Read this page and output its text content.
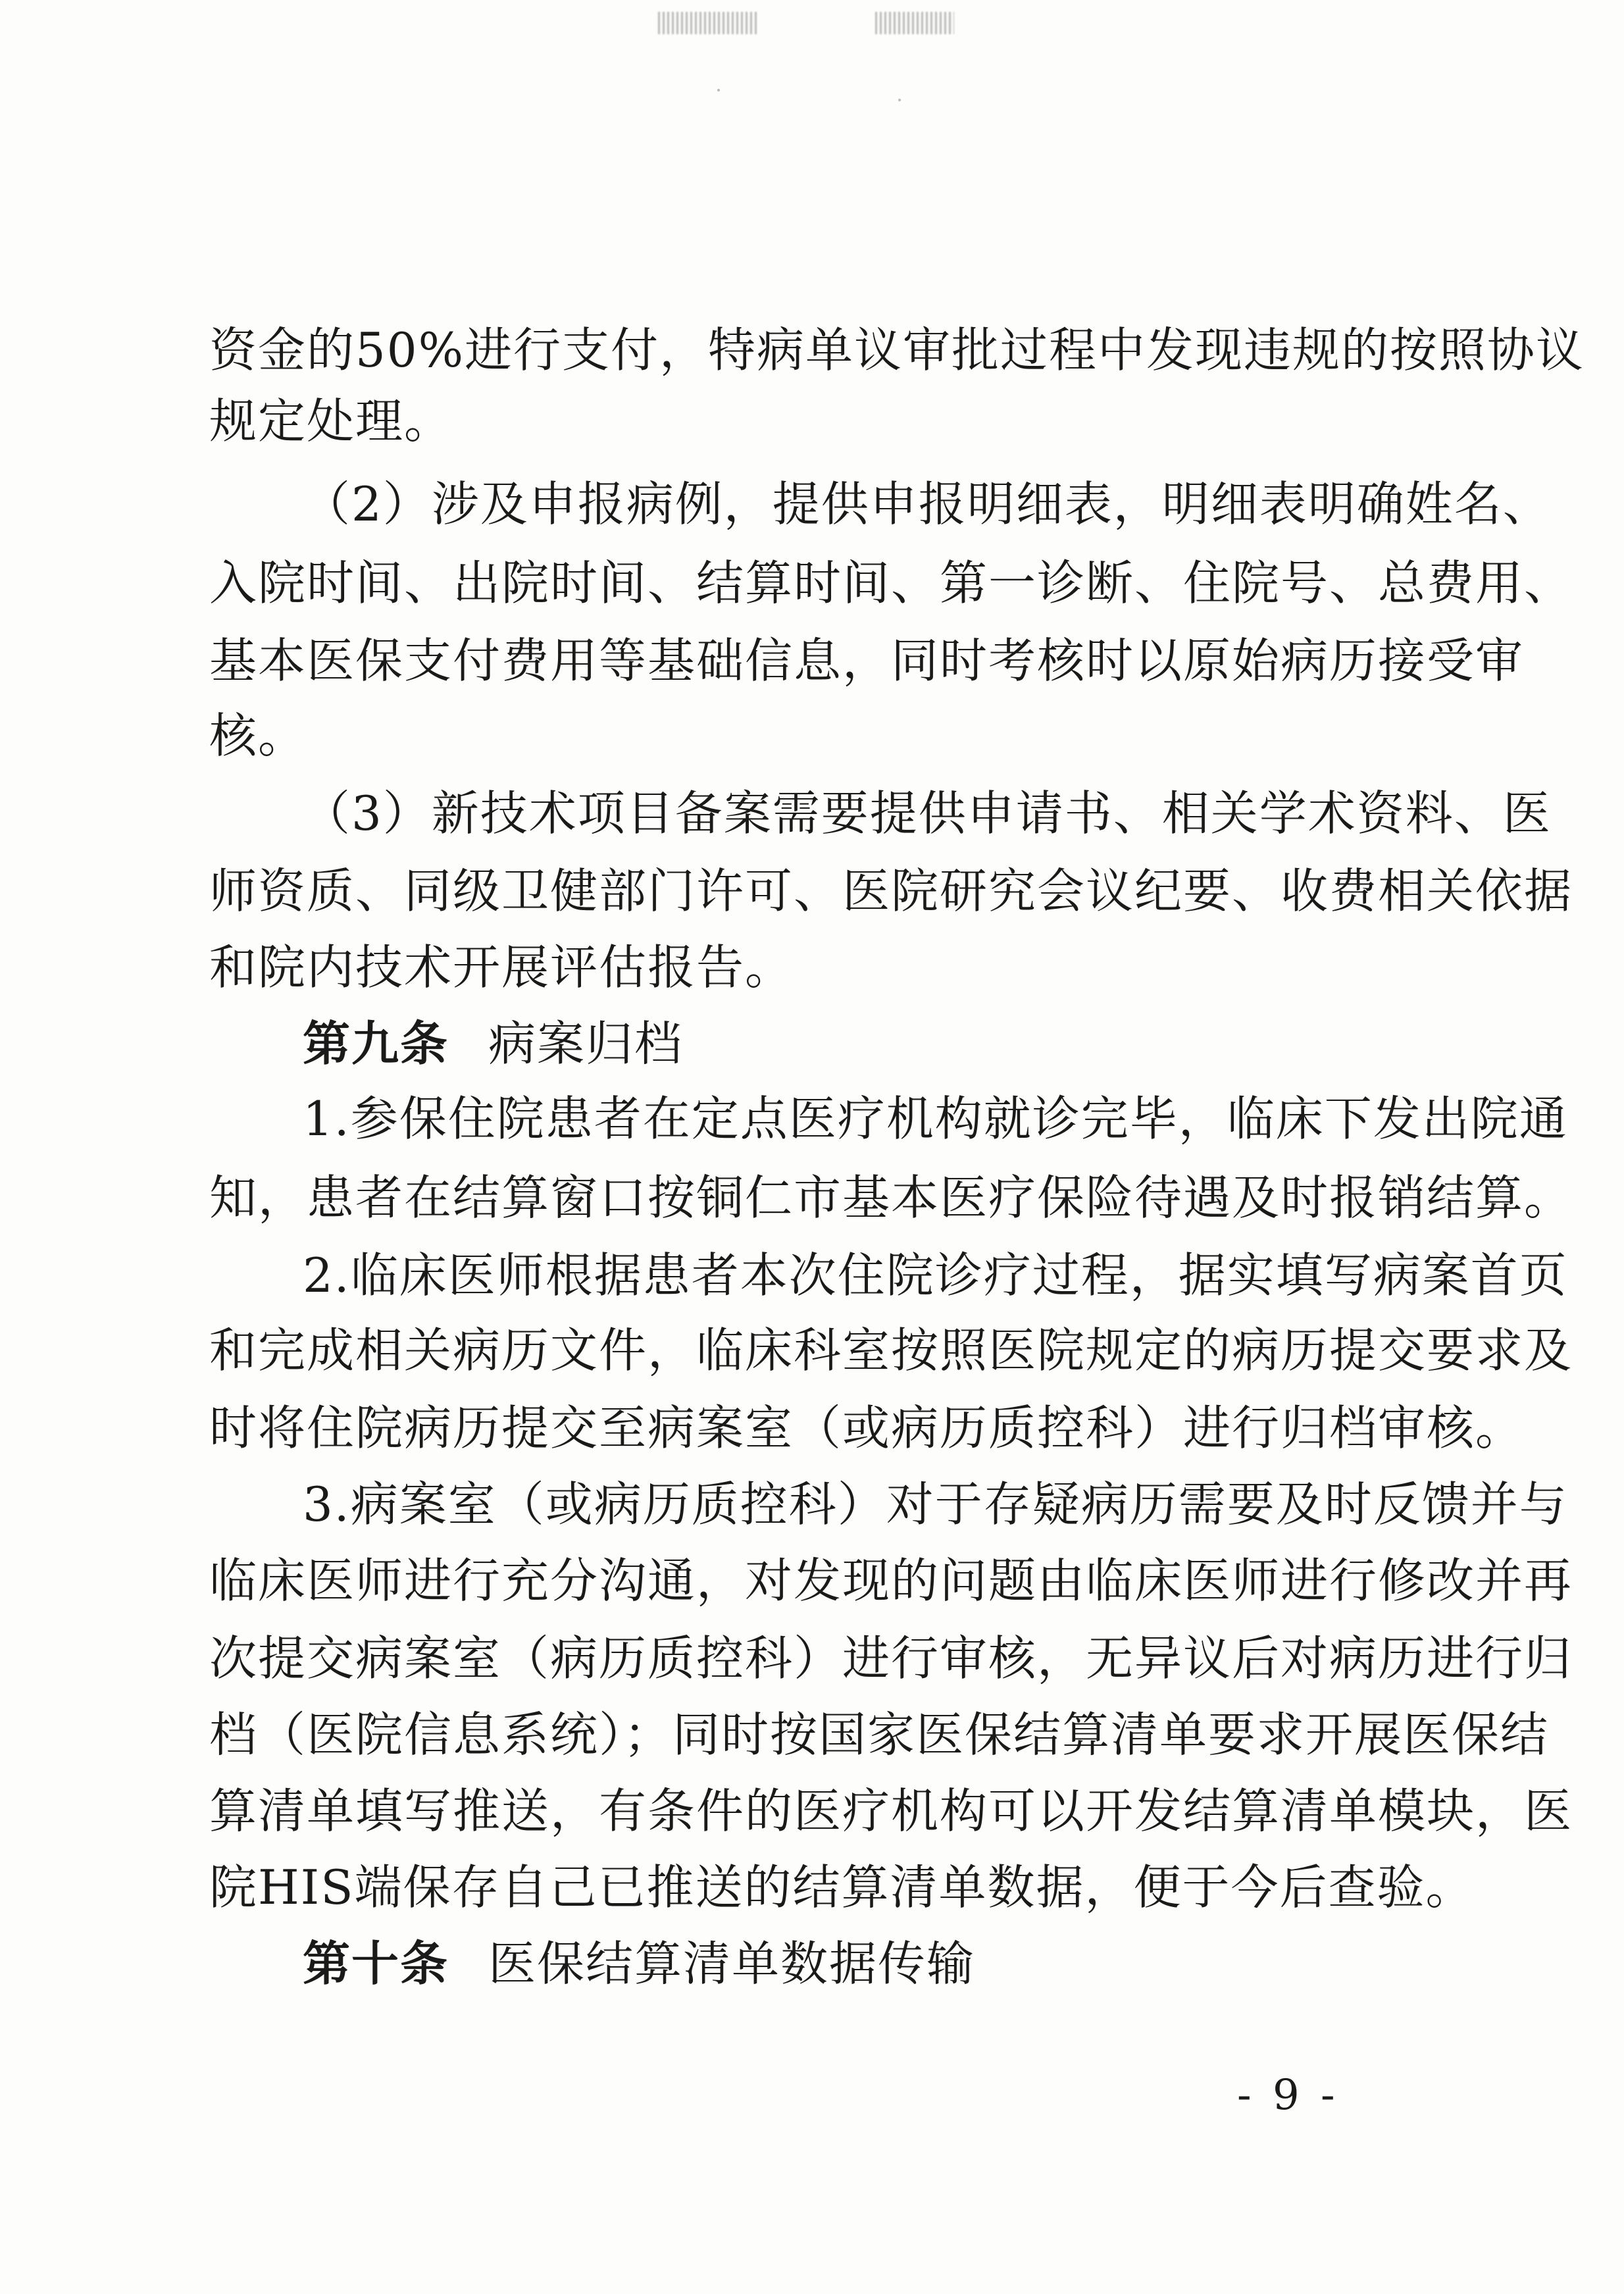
资金的50%进行支付，特病单议审批过程中发现违规的按照协议
规定处理。
（2）涉及申报病例，提供申报明细表，明细表明确姓名、
入院时间、出院时间、结算时间、第一诊断、住院号、总费用、
基本医保支付费用等基础信息，同时考核时以原始病历接受审
核。
（3）新技术项目备案需要提供申请书、相关学术资料、医
师资质、同级卫健部门许可、医院研究会议纪要、收费相关依据
和院内技术开展评估报告。
第九条 病案归档
1.参保住院患者在定点医疗机构就诊完毕，临床下发出院通
知，患者在结算窗口按铜仁市基本医疗保险待遇及时报销结算。
2.临床医师根据患者本次住院诊疗过程，据实填写病案首页
和完成相关病历文件，临床科室按照医院规定的病历提交要求及
时将住院病历提交至病案室（或病历质控科）进行归档审核。
3.病案室（或病历质控科）对于存疑病历需要及时反馈并与
临床医师进行充分沟通，对发现的问题由临床医师进行修改并再
次提交病案室（病历质控科）进行审核，无异议后对病历进行归
档（医院信息系统）；同时按国家医保结算清单要求开展医保结
算清单填写推送，有条件的医疗机构可以开发结算清单模块，医
院HIS端保存自己已推送的结算清单数据，便于今后查验。
第十条 医保结算清单数据传输
- 9 -
